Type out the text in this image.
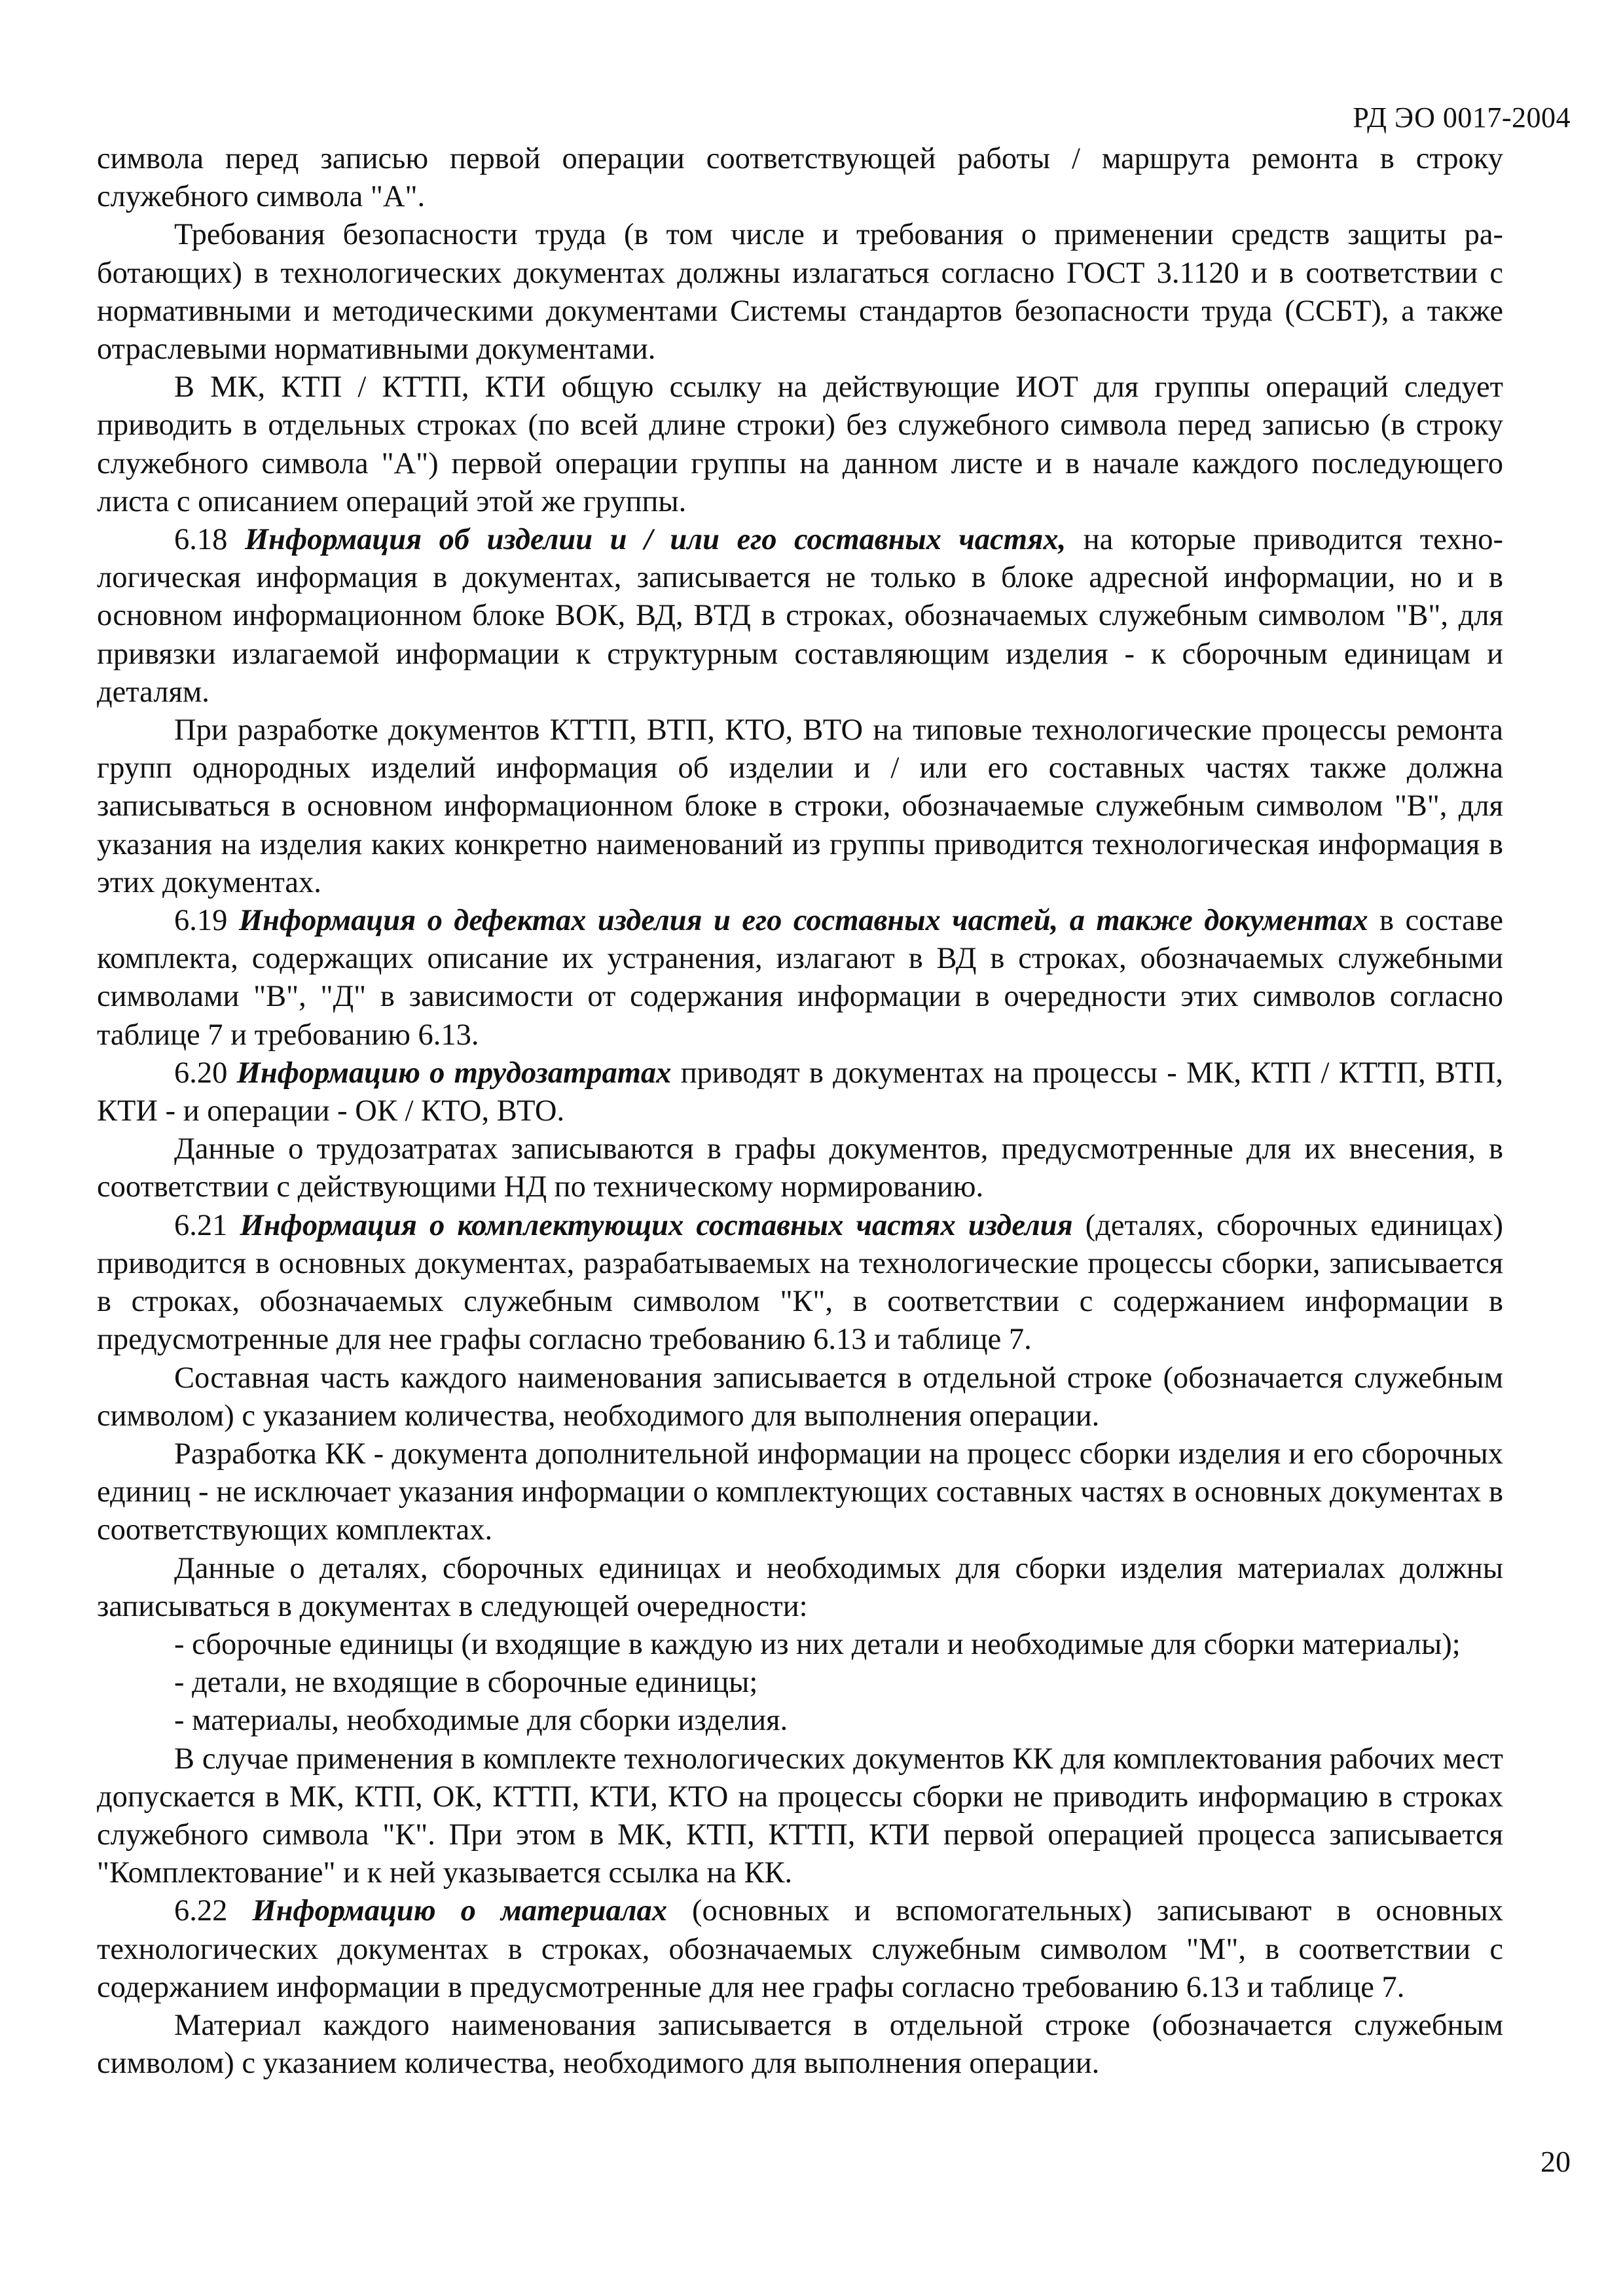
РД ЭО 0017-2004

символа перед записью первой операции соответствующей работы / маршрута ремонта в строку служебного символа "А".

Требования безопасности труда (в том числе и требования о применении средств защиты работающих) в технологических документах должны излагаться согласно ГОСТ 3.1120 и в соответствии с нормативными и методическими документами Системы стандартов безопасности труда (ССБТ), а также отраслевыми нормативными документами.

В МК, КТП / КТТП, КТИ общую ссылку на действующие ИОТ для группы операций следует приводить в отдельных строках (по всей длине строки) без служебного символа перед записью (в строку служебного символа "А") первой операции группы на данном листе и в начале каждого последующего листа с описанием операций этой же группы.

6.18 Информация об изделии и / или его составных частях, на которые приводится технологическая информация в документах, записывается не только в блоке адресной информации, но и в основном информационном блоке ВОК, ВД, ВТД в строках, обозначаемых служебным символом "В", для привязки излагаемой информации к структурным составляющим изделия - к сборочным единицам и деталям.

При разработке документов КТТП, ВТП, КТО, ВТО на типовые технологические процессы ремонта групп однородных изделий информация об изделии и / или его составных частях также должна записываться в основном информационном блоке в строки, обозначаемые служебным символом "В", для указания на изделия каких конкретно наименований из группы приводится технологическая информация в этих документах.

6.19 Информация о дефектах изделия и его составных частей, а также документах в составе комплекта, содержащих описание их устранения, излагают в ВД в строках, обозначаемых служебными символами "В", "Д" в зависимости от содержания информации в очередности этих символов согласно таблице 7 и требованию 6.13.

6.20 Информацию о трудозатратах приводят в документах на процессы - МК, КТП / КТТП, ВТП, КТИ - и операции - ОК / КТО, ВТО.

Данные о трудозатратах записываются в графы документов, предусмотренные для их внесения, в соответствии с действующими НД по техническому нормированию.

6.21 Информация о комплектующих составных частях изделия (деталях, сборочных единицах) приводится в основных документах, разрабатываемых на технологические процессы сборки, записывается в строках, обозначаемых служебным символом "К", в соответствии с содержанием информации в предусмотренные для нее графы согласно требованию 6.13 и таблице 7.

Составная часть каждого наименования записывается в отдельной строке (обозначается служебным символом) с указанием количества, необходимого для выполнения операции.

Разработка КК - документа дополнительной информации на процесс сборки изделия и его сборочных единиц - не исключает указания информации о комплектующих составных частях в основных документах в соответствующих комплектах.

Данные о деталях, сборочных единицах и необходимых для сборки изделия материалах должны записываться в документах в следующей очередности:

- сборочные единицы (и входящие в каждую из них детали и необходимые для сборки материалы);

- детали, не входящие в сборочные единицы;

- материалы, необходимые для сборки изделия.

В случае применения в комплекте технологических документов КК для комплектования рабочих мест допускается в МК, КТП, ОК, КТТП, КТИ, КТО на процессы сборки не приводить информацию в строках служебного символа "К". При этом в МК, КТП, КТТП, КТИ первой операцией процесса записывается "Комплектование" и к ней указывается ссылка на КК.

6.22 Информацию о материалах (основных и вспомогательных) записывают в основных технологических документах в строках, обозначаемых служебным символом "М", в соответствии с содержанием информации в предусмотренные для нее графы согласно требованию 6.13 и таблице 7.

Материал каждого наименования записывается в отдельной строке (обозначается служебным символом) с указанием количества, необходимого для выполнения операции.

20
